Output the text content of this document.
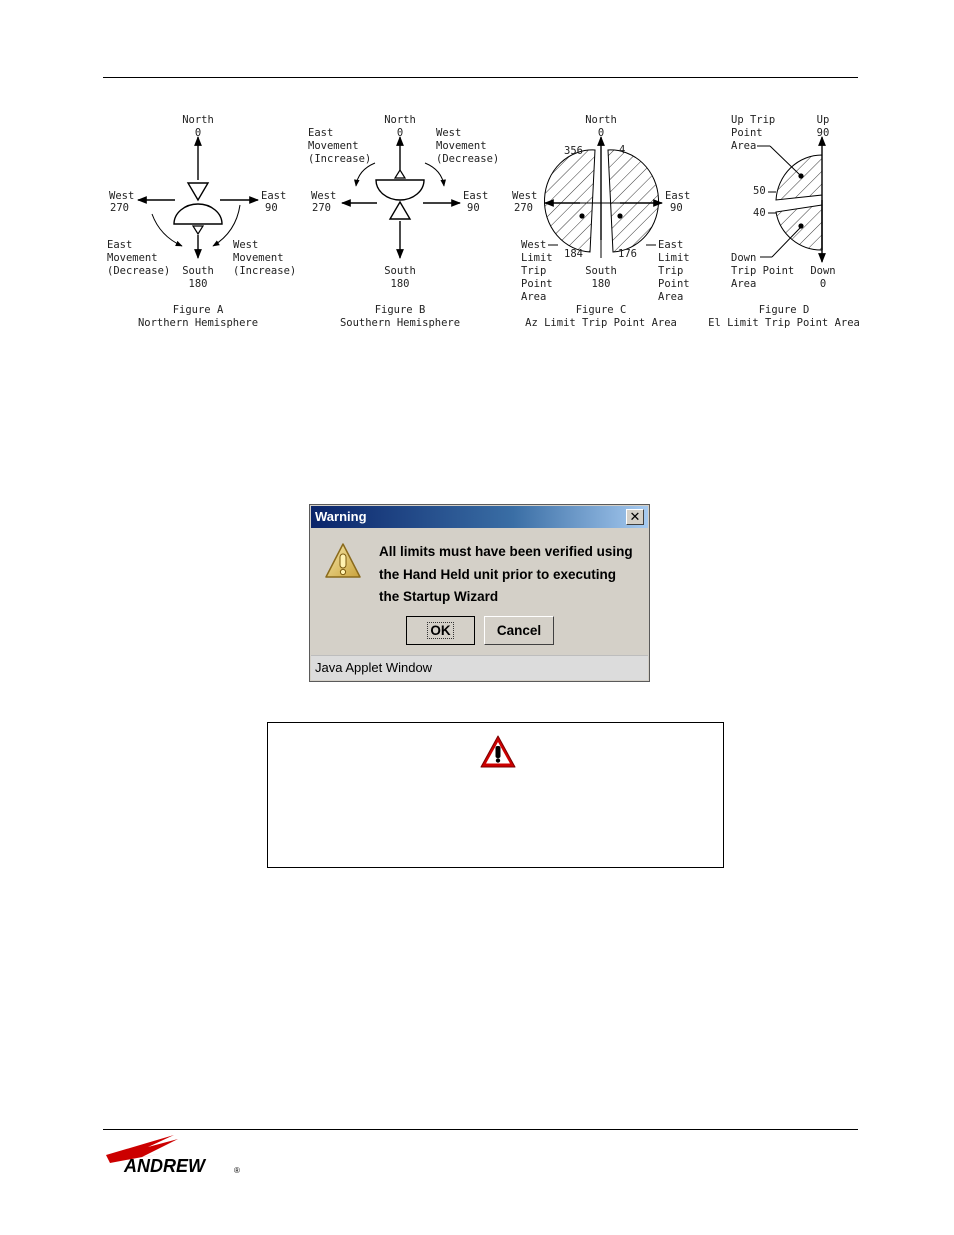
North
0
West
270
East
90
East
Movement
(Decrease)
West
Movement
(Increase)
South
180
Figure A
Northern Hemisphere
North
0
East
Movement
(Increase)
West
Movement
(Decrease)
West
270
East
90
South
180
Figure B
Southern Hemisphere
North
0
356	4
West
270
East
90
184	176
West
Limit
Trip
Point
Area
East
Limit
Trip
Point
Area
South
180
Figure C
Az Limit Trip Point Area
Up Trip
Point
Area
Up
90
50
40
Down
Trip Point
Area
Down
0
Figure D
El Limit Trip Point Area
Warning	✕
All limits must have been verified using
the Hand Held unit prior to executing
the Startup Wizard
OK	Cancel
Java Applet Window
ANDREW	®
